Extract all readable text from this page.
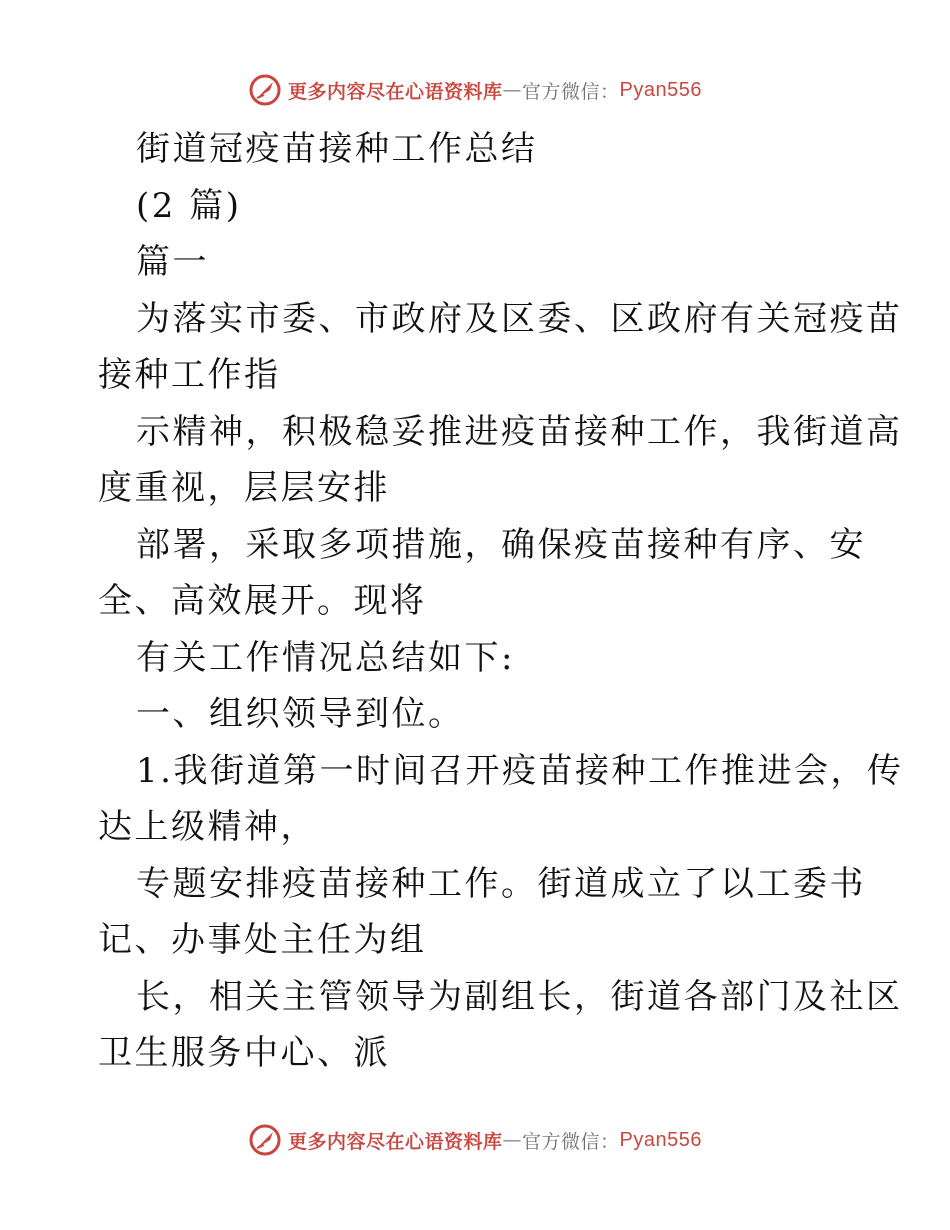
更多内容尽在心语资料库 — 官方微信： Pyan556
街道冠疫苗接种工作总结
(2 篇)
篇一
为落实市委、市政府及区委、区政府有关冠疫苗
接种工作指
示精神，积极稳妥推进疫苗接种工作，我街道高
度重视，层层安排
部署，采取多项措施，确保疫苗接种有序、安
全、高效展开。现将
有关工作情况总结如下:
一、组织领导到位。
1.我街道第一时间召开疫苗接种工作推进会，传
达上级精神，
专题安排疫苗接种工作。街道成立了以工委书
记、办事处主任为组
长，相关主管领导为副组长，街道各部门及社区
卫生服务中心、派
更多内容尽在心语资料库 — 官方微信： Pyan556
